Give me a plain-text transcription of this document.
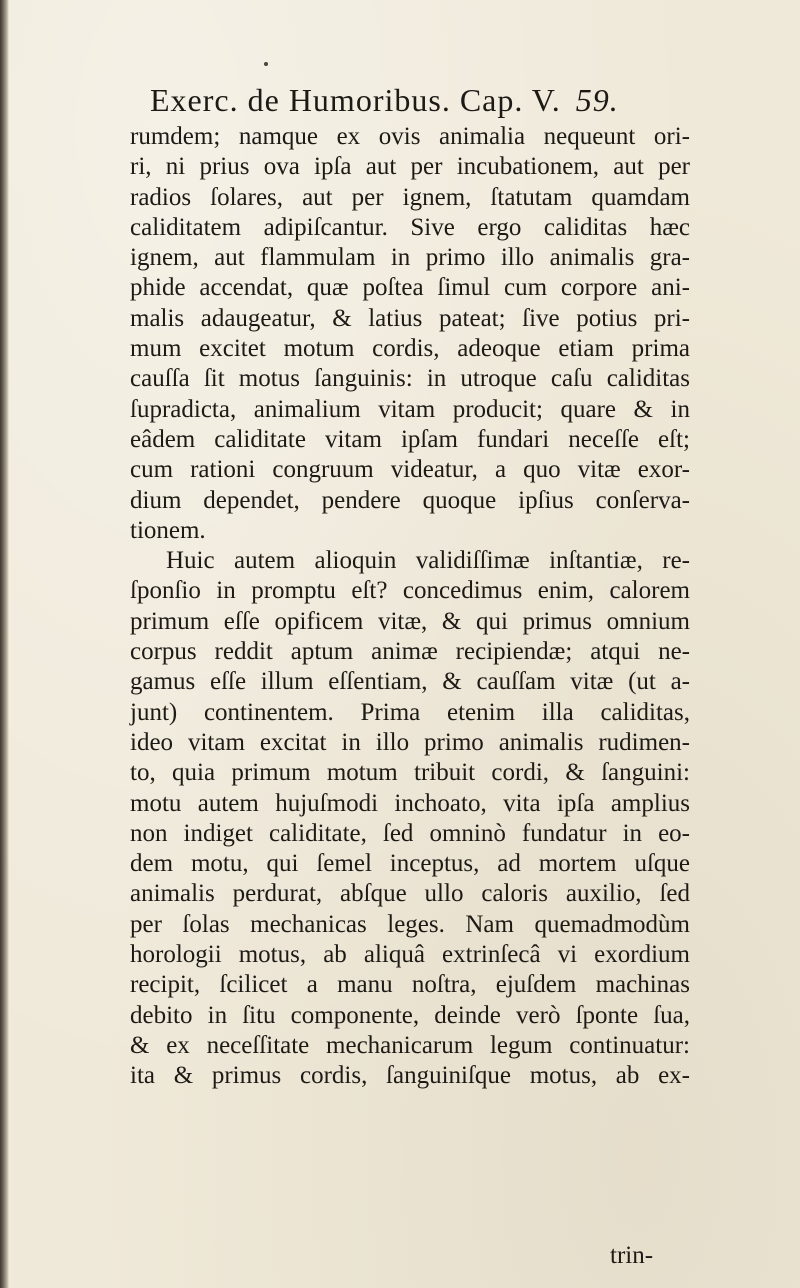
Exerc. de Humoribus. Cap. V. 59.
rumdem; namque ex ovis animalia nequeunt ori-
ri, ni prius ova ipſa aut per incubationem, aut per
radios ſolares, aut per ignem, ſtatutam quamdam
caliditatem adipiſcantur. Sive ergo caliditas hæc
ignem, aut flammulam in primo illo animalis gra-
phide accendat, quæ poſtea ſimul cum corpore ani-
malis adaugeatur, & latius pateat; ſive potius pri-
mum excitet motum cordis, adeoque etiam prima
cauſſa ſit motus ſanguinis: in utroque caſu caliditas
ſupradicta, animalium vitam producit; quare & in
eâdem caliditate vitam ipſam fundari neceſſe eſt;
cum rationi congruum videatur, a quo vitæ exor-
dium dependet, pendere quoque ipſius conſerva-
tionem.
Huic autem alioquin validiſſimæ inſtantiæ, re-
ſponſio in promptu eſt? concedimus enim, calorem
primum eſſe opificem vitæ, & qui primus omnium
corpus reddit aptum animæ recipiendæ; atqui ne-
gamus eſſe illum eſſentiam, & cauſſam vitæ (ut a-
junt) continentem. Prima etenim illa caliditas,
ideo vitam excitat in illo primo animalis rudimen-
to, quia primum motum tribuit cordi, & ſanguini:
motu autem hujuſmodi inchoato, vita ipſa amplius
non indiget caliditate, ſed omninò fundatur in eo-
dem motu, qui ſemel inceptus, ad mortem uſque
animalis perdurat, abſque ullo caloris auxilio, ſed
per ſolas mechanicas leges. Nam quemadmodùm
horologii motus, ab aliquâ extrinſecâ vi exordium
recipit, ſcilicet a manu noſtra, ejuſdem machinas
debito in ſitu componente, deinde verò ſponte ſua,
& ex neceſſitate mechanicarum legum continuatur:
ita & primus cordis, ſanguiniſque motus, ab ex-
trin-
